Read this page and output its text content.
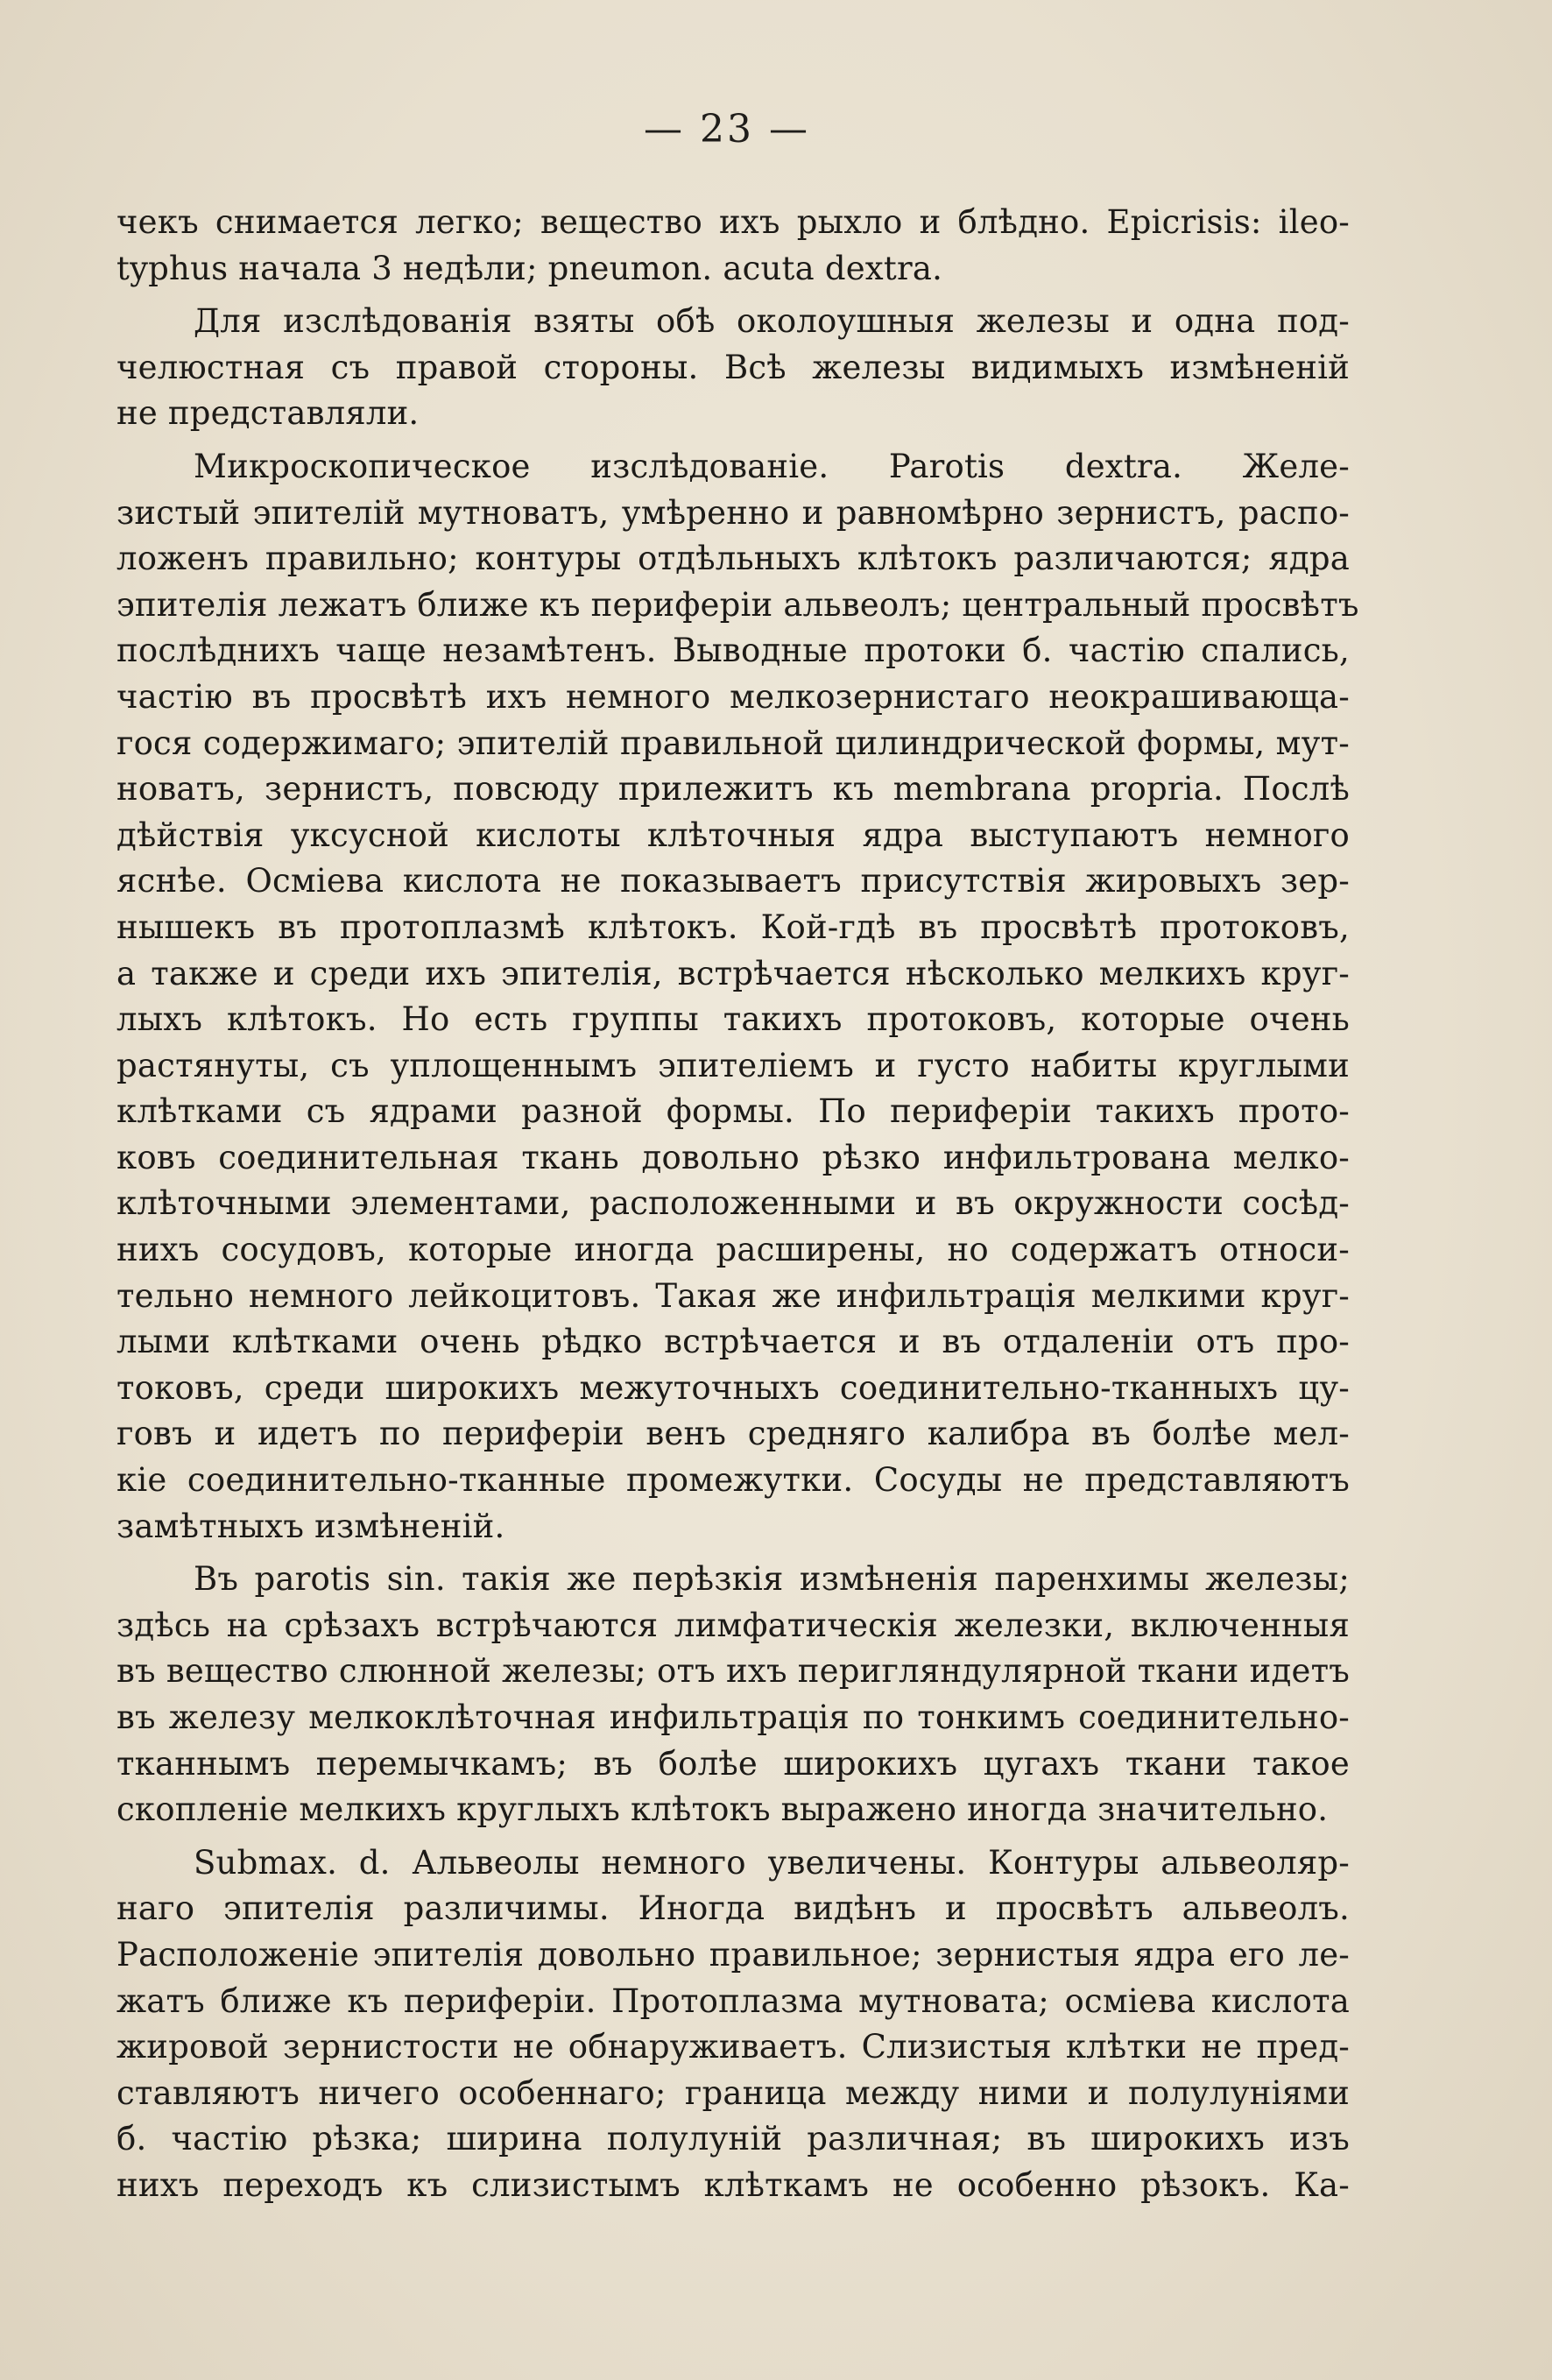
— 23 —
чекъ снимается легко; вещество ихъ рыхло и блѣдно. Epicrisis: ileo-
typhus начала 3 недѣли; pneumon. acuta dextra.
Для изслѣдованія взяты обѣ околоушныя железы и одна под-
челюстная съ правой стороны. Всѣ железы видимыхъ измѣненій
не представляли.
Микроскопическое изслѣдованіе. Parotis dextra. Желе-
зистый эпителій мутноватъ, умѣренно и равномѣрно зернистъ, распо-
ложенъ правильно; контуры отдѣльныхъ клѣтокъ различаются; ядра
эпителія лежатъ ближе къ периферіи альвеолъ; центральный просвѣтъ
послѣднихъ чаще незамѣтенъ. Выводные протоки б. частію спались,
частію въ просвѣтѣ ихъ немного мелкозернистаго неокрашивающа-
гося содержимаго; эпителій правильной цилиндрической формы, мут-
новатъ, зернистъ, повсюду прилежитъ къ membrana propria. Послѣ
дѣйствія уксусной кислоты клѣточныя ядра выступаютъ немного
яснѣе. Осміева кислота не показываетъ присутствія жировыхъ зер-
нышекъ въ протоплазмѣ клѣтокъ. Кой-гдѣ въ просвѣтѣ протоковъ,
а также и среди ихъ эпителія, встрѣчается нѣсколько мелкихъ круг-
лыхъ клѣтокъ. Но есть группы такихъ протоковъ, которые очень
растянуты, съ уплощеннымъ эпителіемъ и густо набиты круглыми
клѣтками съ ядрами разной формы. По периферіи такихъ прото-
ковъ соединительная ткань довольно рѣзко инфильтрована мелко-
клѣточными элементами, расположенными и въ окружности сосѣд-
нихъ сосудовъ, которые иногда расширены, но содержатъ относи-
тельно немного лейкоцитовъ. Такая же инфильтрація мелкими круг-
лыми клѣтками очень рѣдко встрѣчается и въ отдаленіи отъ про-
токовъ, среди широкихъ межуточныхъ соединительно-тканныхъ цу-
говъ и идетъ по периферіи венъ средняго калибра въ болѣе мел-
кіе соединительно-тканные промежутки. Сосуды не представляютъ
замѣтныхъ измѣненій.
Въ parotis sin. такія же перѣзкія измѣненія паренхимы железы;
здѣсь на срѣзахъ встрѣчаются лимфатическія железки, включенныя
въ вещество слюнной железы; отъ ихъ перигляндулярной ткани идетъ
въ железу мелкоклѣточная инфильтрація по тонкимъ соединительно-
тканнымъ перемычкамъ; въ болѣе широкихъ цугахъ ткани такое
скопленіе мелкихъ круглыхъ клѣтокъ выражено иногда значительно.
Submax. d. Альвеолы немного увеличены. Контуры альвеоляр-
наго эпителія различимы. Иногда видѣнъ и просвѣтъ альвеолъ.
Расположеніе эпителія довольно правильное; зернистыя ядра его ле-
жатъ ближе къ периферіи. Протоплазма мутновата; осміева кислота
жировой зернистости не обнаруживаетъ. Слизистыя клѣтки не пред-
ставляютъ ничего особеннаго; граница между ними и полулуніями
б. частію рѣзка; ширина полулуній различная; въ широкихъ изъ
нихъ переходъ къ слизистымъ клѣткамъ не особенно рѣзокъ. Ка-
